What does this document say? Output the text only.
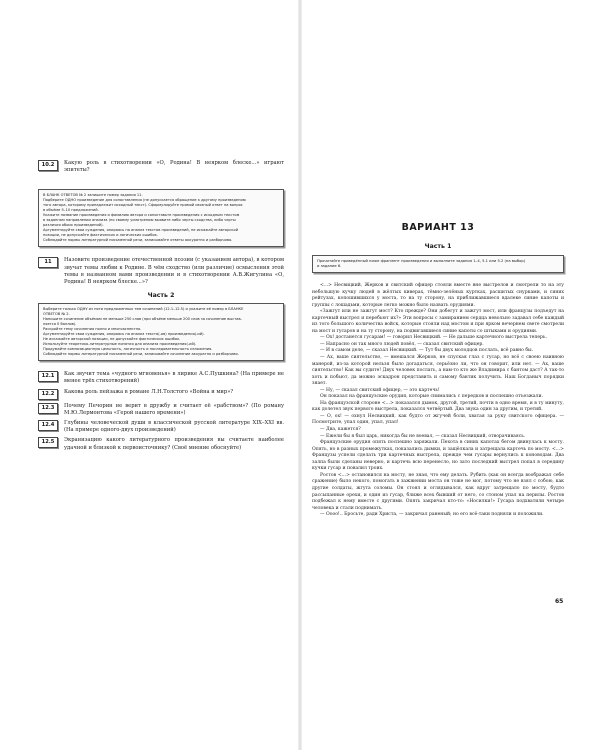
10.2	Какую роль в стихотворении «О, Родина! В неярком блеске...» играют эпитеты?
В БЛАНК ОТВЕТОВ № 2 запишите номер задания 11.
Подберите ОДНО произведение для сопоставления (не допускается обращение к другому произведению
того автора, которому принадлежит исходный текст). Сформулируйте прямой связный ответ на вопрос
в объёме 5–10 предложений.
Укажите название произведения и фамилию автора и сопоставьте произведения с исходным текстом
в заданном направлении анализа (по своему усмотрению выявите либо черты сходства, либо черты
различия обоих произведений).
Аргументируйте свои суждения, опираясь на анализ текстов произведений, не искажайте авторской
позиции, не допускайте фактических и логических ошибок.
Соблюдайте нормы литературной письменной речи, записывайте ответы аккуратно и разборчиво.
11	Назовите произведение отечественной поэзии (с указанием автора), в котором звучат темы любви к Родине. В чём сходство (или различие) осмысления этой темы в названном вами произведении и в стихотворении А.В.Жигулина «О, Родина! В неярком блеске...»?
Часть 2
Выберите только ОДНУ из пяти предложенных тем сочинений (12.1–12.5) и укажите её номер в БЛАНКЕ
ОТВЕТОВ № 2.
Напишите сочинение объёмом не меньше 250 слов (при объёме меньше 200 слов за сочинение выстав-
ляется 0 баллов).
Раскройте тему сочинения полно и многоаспектно.
Аргументируйте свои суждения, опираясь на анализ текста(-ов) произведения(-ий).
Не искажайте авторской позиции, не допускайте фактических ошибок.
Используйте теоретико-литературные понятия для анализа произведения(-ий).
Продумайте композиционную цельность, логичность и последовательность изложения.
Соблюдайте нормы литературной письменной речи, записывайте сочинение аккуратно и разборчиво.
12.1	Как звучит тема «чудного мгновенья» в лирике А.С.Пушкина? (На примере не менее трёх стихотворений)
12.2	Какова роль пейзажа в романе Л.Н.Толстого «Война и мир»?
12.3	Почему Печорин не верит в дружбу и считает её «рабством»? (По роману М.Ю.Лермонтова «Герой нашего времени»)
12.4	Глубины человеческой души в классической русской литературе XIX–XXI вв. (На примере одного-двух произведений)
12.5	Экранизацию какого литературного произведения вы считаете наиболее удачной и близкой к первоисточнику? (Своё мнение обоснуйте)
ВАРИАНТ 13
Часть 1
Прочитайте приведённый ниже фрагмент произведения и выполните задания 1–4, 5.1 или 5.2 (на выбор)
и задание 6.

<...> Несвицкий, Жерков и свитский офицер стояли вместе вне выстрелов и смотрели то на эту небольшую кучку людей в жёлтых киверах, тёмно-зелёных куртках, расшитых снурками, и синих рейтузах, копошившихся у моста, то на ту сторону, на приближавшиеся вдалеке синие капоты и группы с лошадьми, которые легко можно было назвать орудиями.

«Зажгут или не зажгут мост? Кто прежде? Они добегут и зажгут мост, или французы подъедут на картечный выстрел и перебьют их?» Эти вопросы с замиранием сердца невольно задавал себе каждый из того большого количества войск, которые стояли над мостом и при ярком вечернем свете смотрели на мост и гусаров и на ту сторону, на подвигавшиеся синие капоты со штыками и орудиями.

— Ох! достанется гусарам! — говорил Несвицкий. — Не дальше картечного выстрела теперь.

— Напрасно он так много людей повёл, — сказал свитский офицер.

— И в самом деле, — сказал Несвицкий. — Тут бы двух молодцов послать, всё равно бы.

— Ах, ваше сиятельство, — вмешался Жерков, не спуская глаз с гусар, но всё с своею наивною манерой, из-за которой нельзя было догадаться, серьёзно ли, что он говорит, или нет. — Ах, ваше сиятельство! Как вы судите! Двух человек послать, а нам-то кто же Владимира с бантом даст? А так-то хоть и побьют, да можно эскадрон представить и самому бантик получить. Наш Богданыч порядки знает.

— Ну, — сказал свитский офицер, — это картечь!

Он показал на французские орудия, которые снимались с передков и поспешно отъезжали.

На французской стороне <...> показался дымок, другой, третий, почти в одно время, и в ту минуту, как долетел звук первого выстрела, показался четвёртый. Два звука один за другим, и третий.

— О, ох! — охнул Несвицкий, как будто от жгучей боли, хватая за руку свитского офицера. — Посмотрите, упал один, упал, упал!

— Два, кажется?

— Ежели бы я был царь, никогда бы не воевал, — сказал Несвицкий, отворачиваясь.

Французские орудия опять поспешно заряжали. Пехота в синих капотах бегом двинулась к мосту. Опять, но в разных промежутках, показались дымки, и защёлкала и затрещала картечь по мосту. <...> Французы успели сделать три картечных выстрела, прежде чем гусары вернулись к коноводам. Два залпа были сделаны неверно, и картечь всю перенесло, но зато последний выстрел попал в середину кучки гусар и повалил троих.

Ростов <...> остановился на мосту, не зная, что ему делать. Рубить (как он всегда воображал себе сражение) было некого, помогать в зажжении моста он тоже не мог, потому что не взял с собою, как другие солдаты, жгута соломы. Он стоял и оглядывался, как вдруг затрещало по мосту, будто рассыпанные орехи, и один из гусар, ближе всех бывший от него, со стоном упал на перилы. Ростов подбежал к нему вместе с другими. Опять закричал кто-то: «Носилки!» Гусара подхватили четыре человека и стали поднимать.

— Оооо!.. Бросьте, ради Христа, — закричал раненый; но его всё-таки подняли и положили.

65
